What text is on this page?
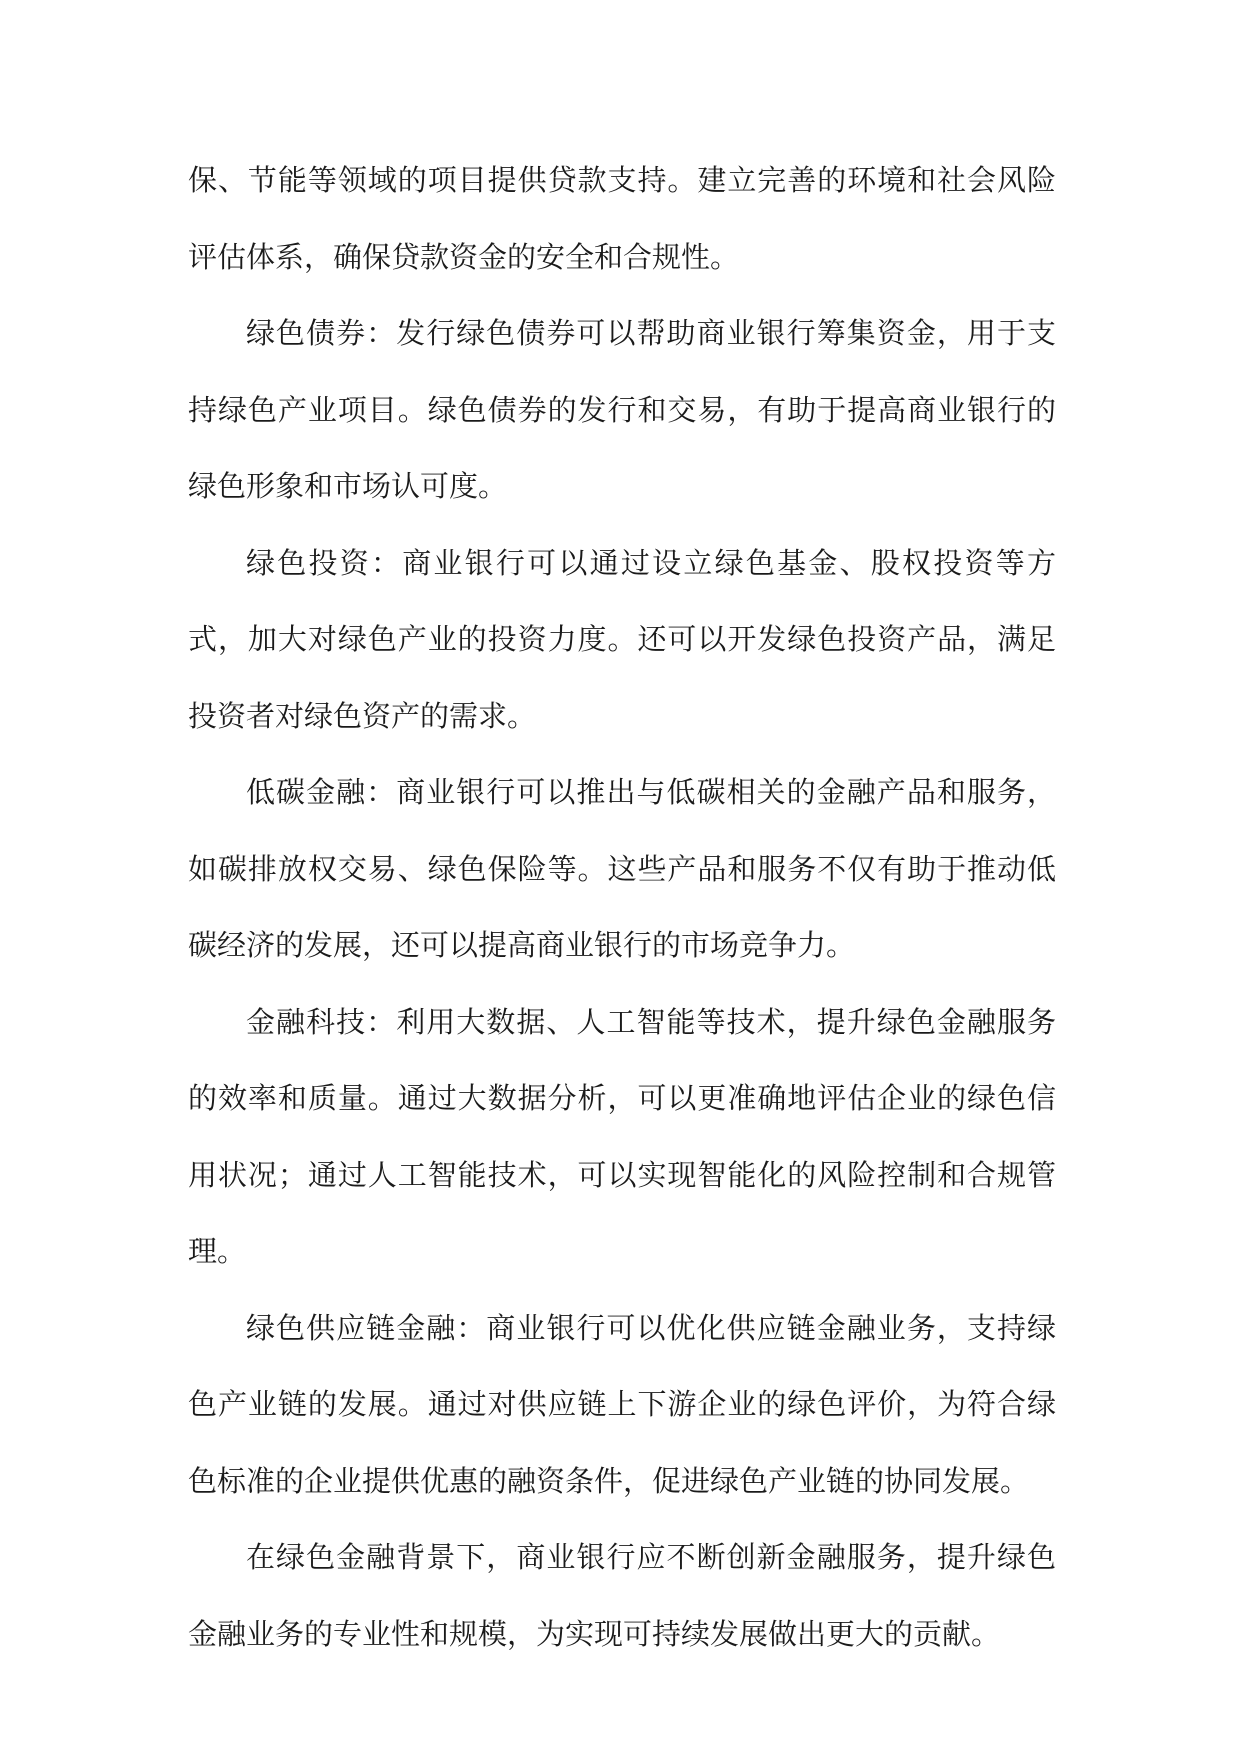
保、节能等领域的项目提供贷款支持。建立完善的环境和社会风险评估体系，确保贷款资金的安全和合规性。

绿色债券：发行绿色债券可以帮助商业银行筹集资金，用于支持绿色产业项目。绿色债券的发行和交易，有助于提高商业银行的绿色形象和市场认可度。

绿色投资：商业银行可以通过设立绿色基金、股权投资等方式，加大对绿色产业的投资力度。还可以开发绿色投资产品，满足投资者对绿色资产的需求。

低碳金融：商业银行可以推出与低碳相关的金融产品和服务，如碳排放权交易、绿色保险等。这些产品和服务不仅有助于推动低碳经济的发展，还可以提高商业银行的市场竞争力。

金融科技：利用大数据、人工智能等技术，提升绿色金融服务的效率和质量。通过大数据分析，可以更准确地评估企业的绿色信用状况；通过人工智能技术，可以实现智能化的风险控制和合规管理。

绿色供应链金融：商业银行可以优化供应链金融业务，支持绿色产业链的发展。通过对供应链上下游企业的绿色评价，为符合绿色标准的企业提供优惠的融资条件，促进绿色产业链的协同发展。

在绿色金融背景下，商业银行应不断创新金融服务，提升绿色金融业务的专业性和规模，为实现可持续发展做出更大的贡献。
